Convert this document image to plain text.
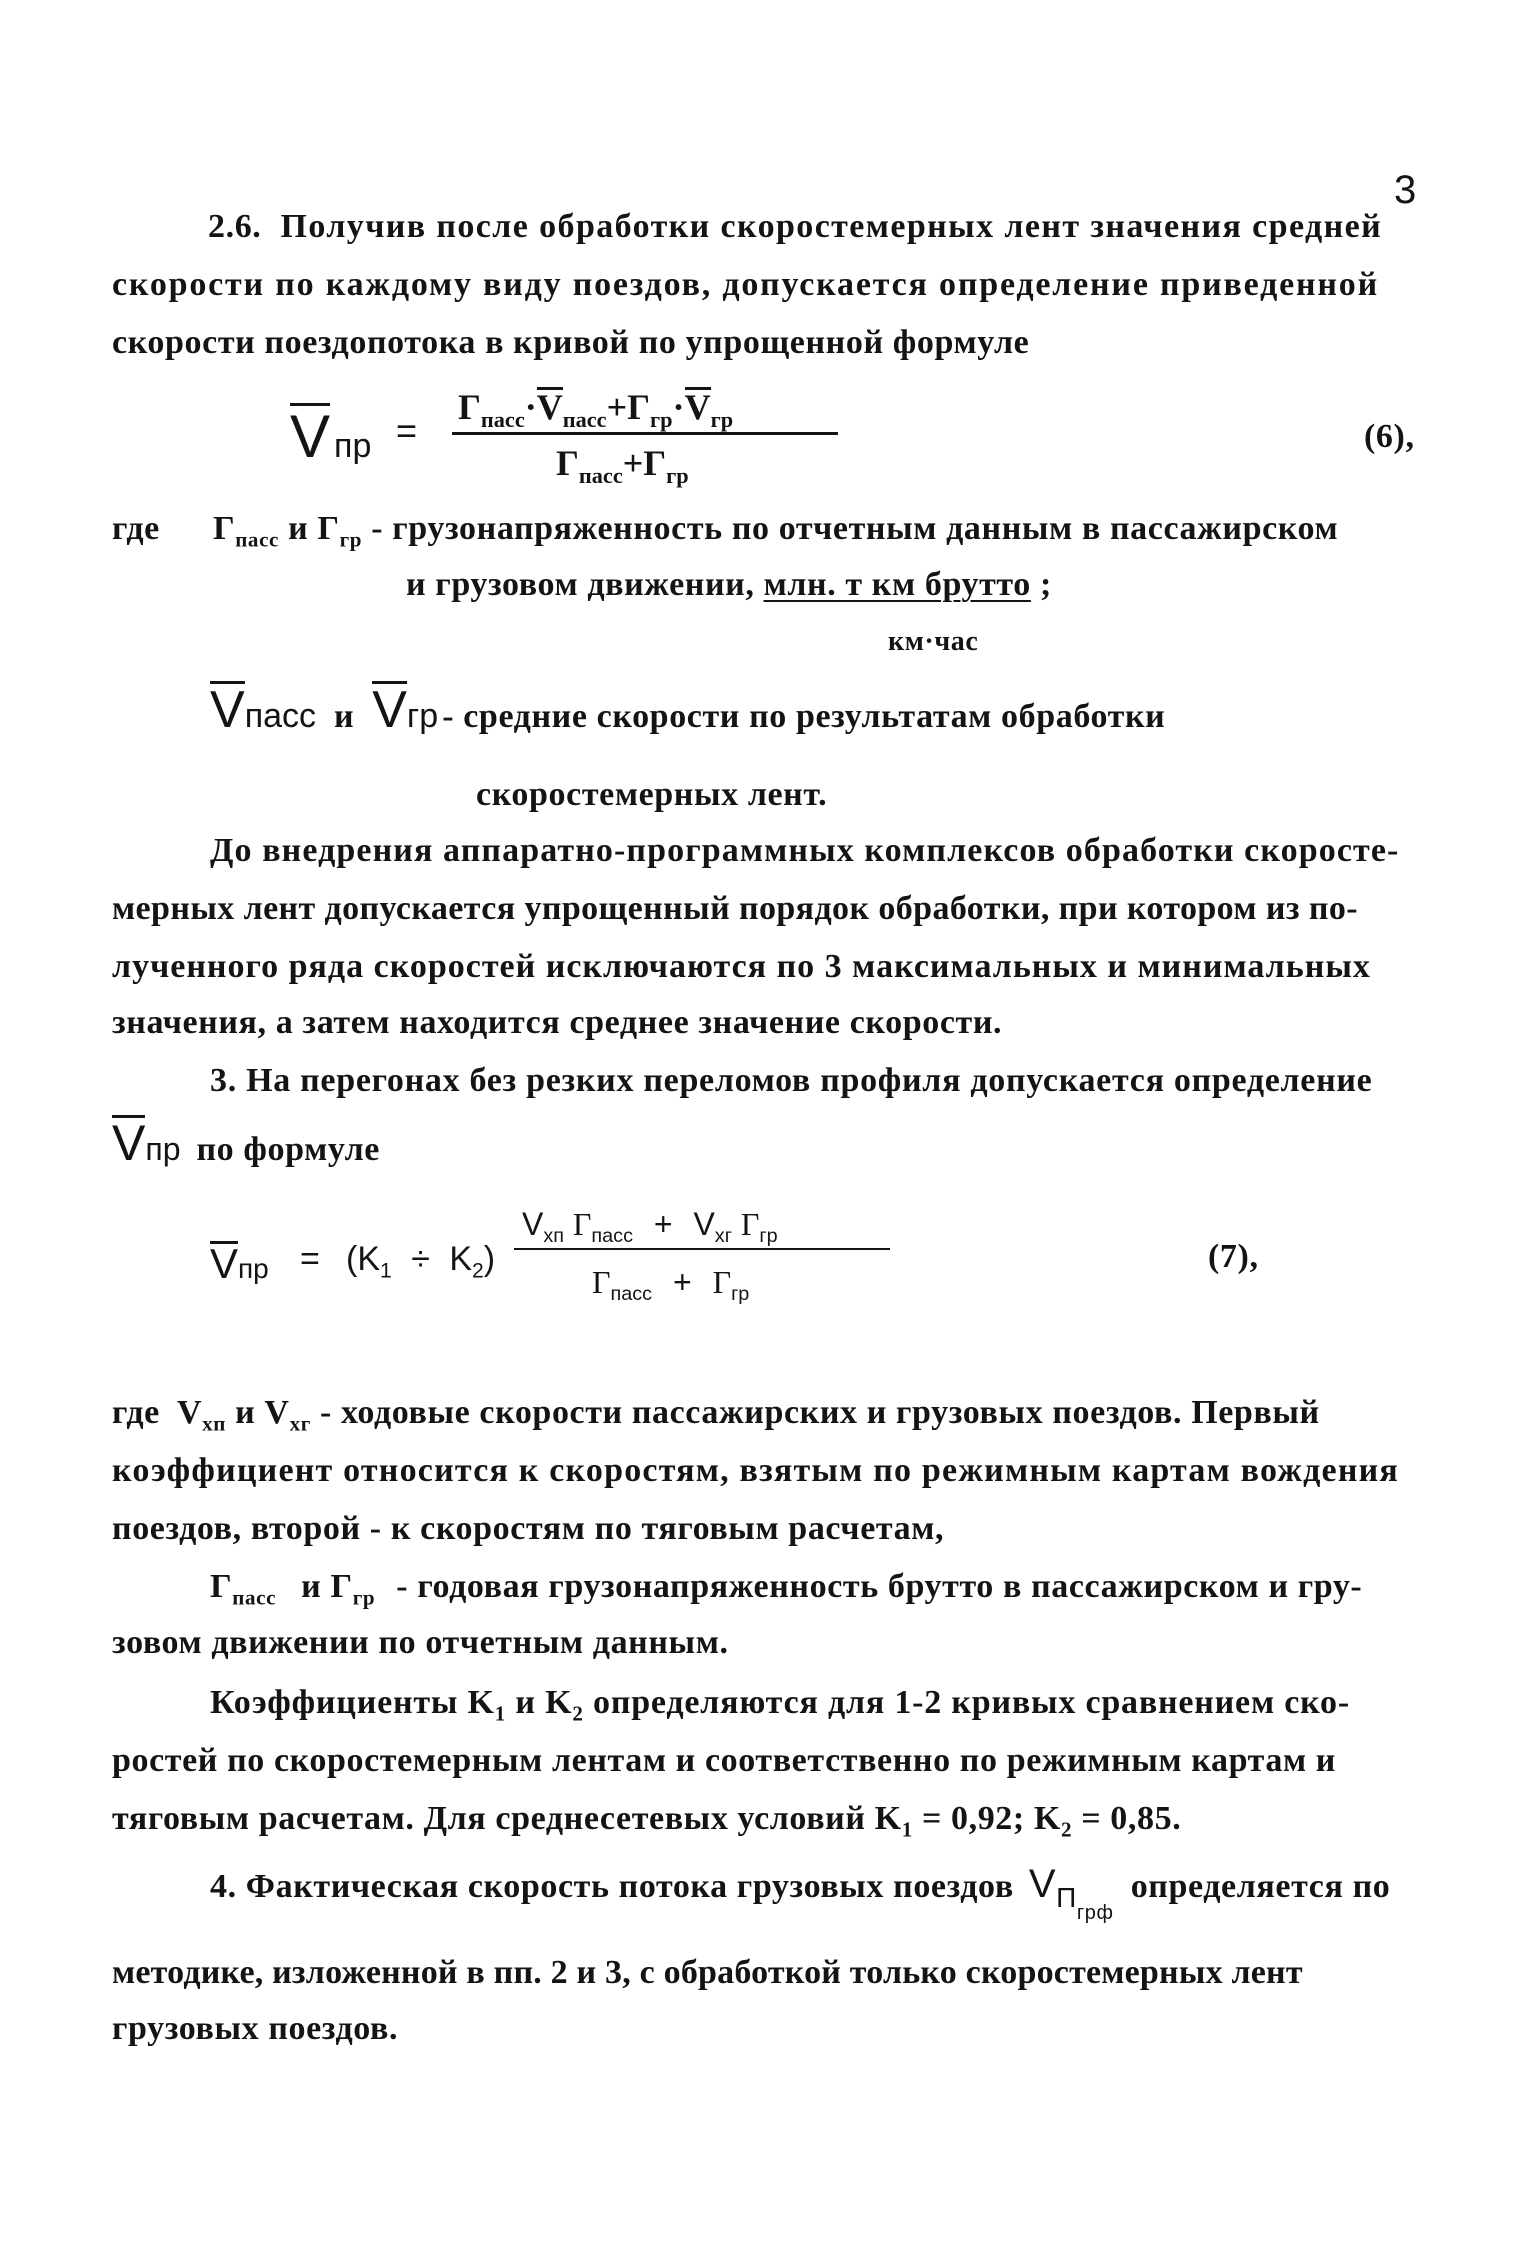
3
2.6. Получив после обработки скоростемерных лент значения средней
скорости по каждому виду поездов, допускается определение приведенной
скорости поездопотока в кривой по упрощенной формуле
Vпр =
$Г_{пасс}\cdot V_{пасс}+Г_{гр}\cdot V_{гр}$
$Г_{пасс}+Г_{гр}$
(6),
где $Г_{пасс}$ и $Г_{гр}$ - грузонапряженность по отчетным данным в пассажирском
и грузовом движении, млн. т км брутто ;
км·час
Vпасс и Vгр - средние скорости по результатам обработки
скоростемерных лент.
До внедрения аппаратно-программных комплексов обработки скоросте-
мерных лент допускается упрощенный порядок обработки, при котором из по-
лученного ряда скоростей исключаются по 3 максимальных и минимальных
значения, а затем находится среднее значение скорости.
3. На перегонах без резких переломов профиля допускается определение
Vпр по формуле
Vпр = $(K_1 \div K_2)$
$V_{хп}$ $Г_{пасс} + V_{хг}$ $Г_{гр}$
$Г_{пасс} + Г_{гр}$
(7),
где $V_{хп}$ и $V_{хг}$ - ходовые скорости пассажирских и грузовых поездов. Первый
коэффициент относится к скоростям, взятым по режимным картам вождения
поездов, второй - к скоростям по тяговым расчетам,
$Г_{пасс}$ и $Г_{гр}$ - годовая грузонапряженность брутто в пассажирском и гру-
зовом движении по отчетным данным.
Коэффициенты $K_1$ и $K_2$ определяются для 1-2 кривых сравнением ско-
ростей по скоростемерным лентам и соответственно по режимным картам и
тяговым расчетам. Для среднесетевых условий $K_1 = 0,92$; $K_2 = 0,85$.
4. Фактическая скорость потока грузовых поездов $V_{Пгрф}$ определяется по
методике, изложенной в пп. 2 и 3, с обработкой только скоростемерных лент
грузовых поездов.
